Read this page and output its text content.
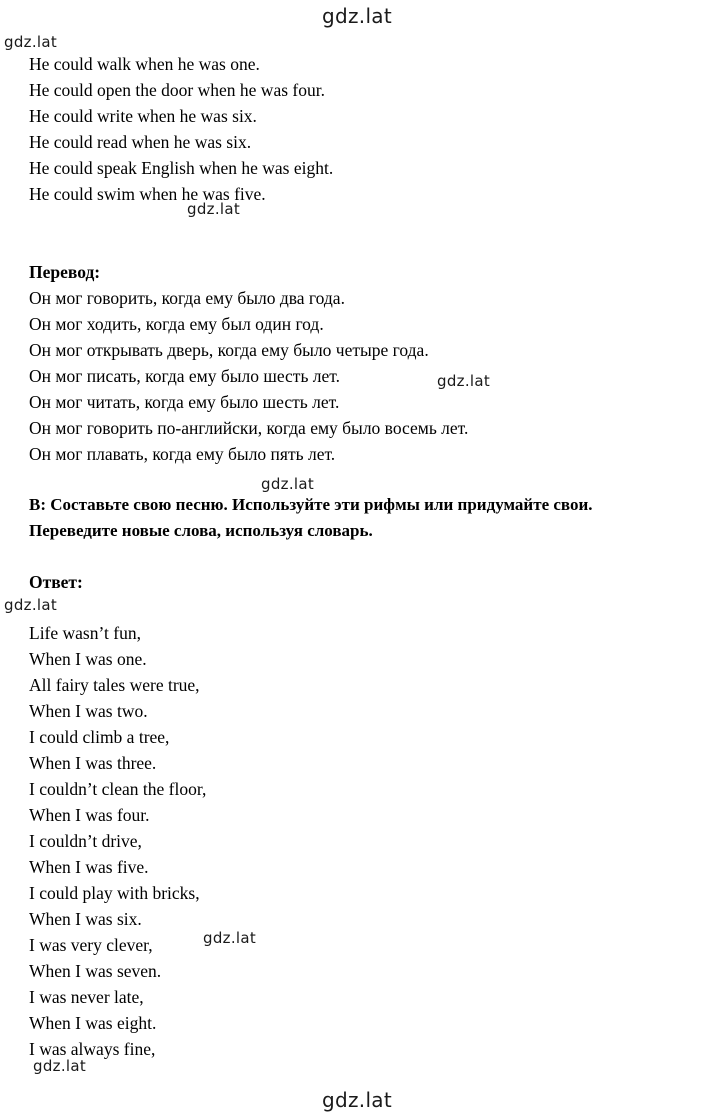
gdz.lat
gdz.lat
gdz.lat
gdz.lat
gdz.lat
gdz.lat
gdz.lat
gdz.lat
gdz.lat
He could walk when he was one.
He could open the door when he was four.
He could write when he was six.
He could read when he was six.
He could speak English when he was eight.
He could swim when he was five.
Перевод:
Он мог говорить, когда ему было два года.
Он мог ходить, когда ему был один год.
Он мог открывать дверь, когда ему было четыре года.
Он мог писать, когда ему было шесть лет.
Он мог читать, когда ему было шесть лет.
Он мог говорить по-английски, когда ему было восемь лет.
Он мог плавать, когда ему было пять лет.
B: Составьте свою песню. Используйте эти рифмы или придумайте свои.
Переведите новые слова, используя словарь.
Ответ:
Life wasn’t fun,
When I was one.
All fairy tales were true,
When I was two.
I could climb a tree,
When I was three.
I couldn’t clean the floor,
When I was four.
I couldn’t drive,
When I was five.
I could play with bricks,
When I was six.
I was very clever,
When I was seven.
I was never late,
When I was eight.
I was always fine,
